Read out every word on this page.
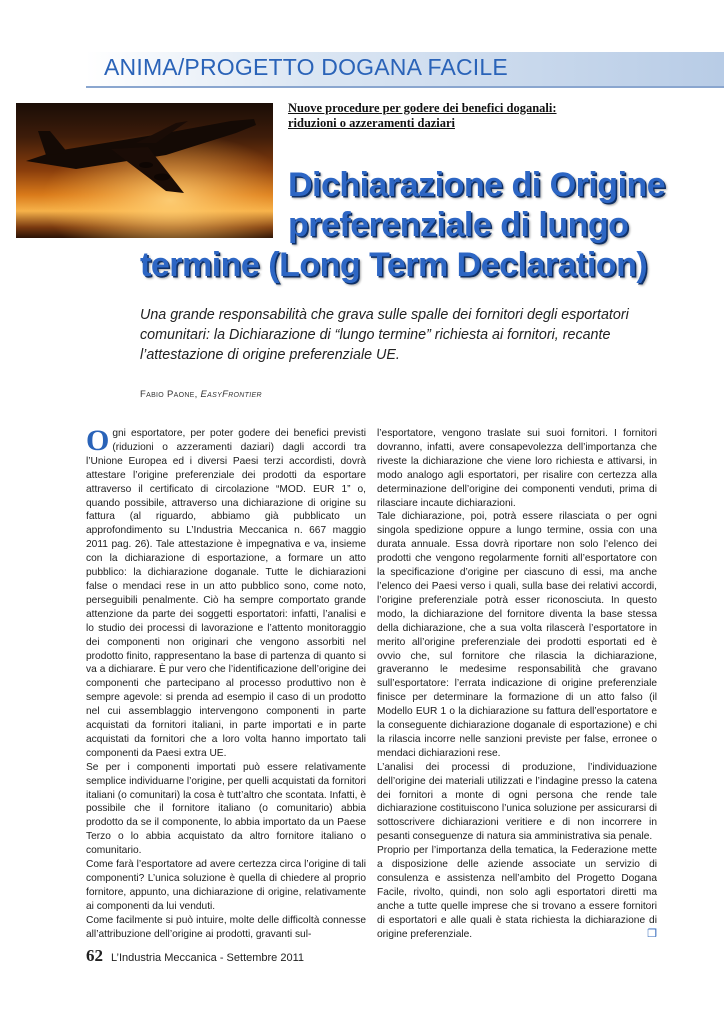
ANIMA/PROGETTO DOGANA FACILE
Nuove procedure per godere dei benefici doganali:
riduzioni o azzeramenti daziari
Dichiarazione di Origine
preferenziale di lungo
termine (Long Term Declaration)
Una grande responsabilità che grava sulle spalle dei fornitori degli esportatori comunitari: la Dichiarazione di “lungo termine” richiesta ai fornitori, recante l’attestazione di origine preferenziale UE.
Fabio Paone, EasyFrontier

Ogni esportatore, per poter godere dei benefici previsti (riduzioni o azzeramenti daziari) dagli accordi tra l’Unione Europea ed i diversi Paesi terzi accordisti, dovrà attestare l’origine preferenziale dei prodotti da esportare attraverso il certificato di circolazione “MOD. EUR 1” o, quando possibile, attraverso una dichiarazione di origine su fattura (al riguardo, abbiamo già pubblicato un approfondimento su L’Industria Meccanica n. 667 maggio 2011 pag. 26). Tale attestazione è impegnativa e va, insieme con la dichiarazione di esportazione, a formare un atto pubblico: la dichiarazione doganale. Tutte le dichiarazioni false o mendaci rese in un atto pubblico sono, come noto, perseguibili penalmente. Ciò ha sempre comportato grande attenzione da parte dei soggetti esportatori: infatti, l’analisi e lo studio dei processi di lavorazione e l’attento monitoraggio dei componenti non originari che vengono assorbiti nel prodotto finito, rappresentano la base di partenza di quanto si va a dichiarare. È pur vero che l’identificazione dell’origine dei componenti che partecipano al processo produttivo non è sempre agevole: si prenda ad esempio il caso di un prodotto nel cui assemblaggio intervengono componenti in parte acquistati da fornitori italiani, in parte importati e in parte acquistati da fornitori che a loro volta hanno importato tali componenti da Paesi extra UE.

Se per i componenti importati può essere relativamente semplice individuarne l’origine, per quelli acquistati da fornitori italiani (o comunitari) la cosa è tutt’altro che scontata. Infatti, è possibile che il fornitore italiano (o comunitario) abbia prodotto da se il componente, lo abbia importato da un Paese Terzo o lo abbia acquistato da altro fornitore italiano o comunitario.

Come farà l’esportatore ad avere certezza circa l’origine di tali componenti? L’unica soluzione è quella di chiedere al proprio fornitore, appunto, una dichiarazione di origine, relativamente ai componenti da lui venduti.

Come facilmente si può intuire, molte delle difficoltà connesse all’attribuzione dell’origine ai prodotti, gravanti sul-

l’esportatore, vengono traslate sui suoi fornitori. I fornitori dovranno, infatti, avere consapevolezza dell’importanza che riveste la dichiarazione che viene loro richiesta e attivarsi, in modo analogo agli esportatori, per risalire con certezza alla determinazione dell’origine dei componenti venduti, prima di rilasciare incaute dichiarazioni.

Tale dichiarazione, poi, potrà essere rilasciata o per ogni singola spedizione oppure a lungo termine, ossia con una durata annuale. Essa dovrà riportare non solo l’elenco dei prodotti che vengono regolarmente forniti all’esportatore con la specificazione d’origine per ciascuno di essi, ma anche l’elenco dei Paesi verso i quali, sulla base dei relativi accordi, l’origine preferenziale potrà esser riconosciuta. In questo modo, la dichiarazione del fornitore diventa la base stessa della dichiarazione, che a sua volta rilascerà l’esportatore in merito all’origine preferenziale dei prodotti esportati ed è ovvio che, sul fornitore che rilascia la dichiarazione, graveranno le medesime responsabilità che gravano sull’esportatore: l’errata indicazione di origine preferenziale finisce per determinare la formazione di un atto falso (il Modello EUR 1 o la dichiarazione su fattura dell’esportatore e la conseguente dichiarazione doganale di esportazione) e chi la rilascia incorre nelle sanzioni previste per false, erronee o mendaci dichiarazioni rese.

L’analisi dei processi di produzione, l’individuazione dell’origine dei materiali utilizzati e l’indagine presso la catena dei fornitori a monte di ogni persona che rende tale dichiarazione costituiscono l’unica soluzione per assicurarsi di sottoscrivere dichiarazioni veritiere e di non incorrere in pesanti conseguenze di natura sia amministrativa sia penale.

Proprio per l’importanza della tematica, la Federazione mette a disposizione delle aziende associate un servizio di consulenza e assistenza nell’ambito del Progetto Dogana Facile, rivolto, quindi, non solo agli esportatori diretti ma anche a tutte quelle imprese che si trovano a essere fornitori di esportatori e alle quali è stata richiesta la dichiarazione di origine preferenziale.	❐

62 L’Industria Meccanica - Settembre 2011
